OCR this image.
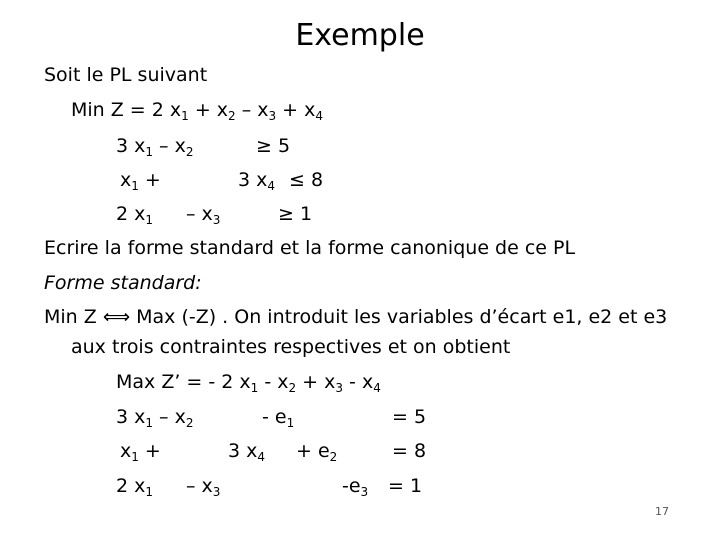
Exemple
Soit le PL suivant
Min Z = 2 $x_1 + x_2 - x_3 + x_4$
3 $x_1 - x_2$	≥ 5
$x_1$ +	3 $x_4 \le 8$
2 $x_1 - x_3$	≥ 1
Ecrire la forme standard et la forme canonique de ce PL
Forme standard:
Min Z ⟺ Max (-Z) . On introduit les variables d’écart e1, e2 et e3
aux trois contraintes respectives et on obtient
Max Z’ = - 2 $x_1 - x_2 + x_3 - x_4$
3 $x_1 - x_2$	- $e_1$	= 5
$x_1$ +	3 $x_4 + e_2$	= 8
2 $x_1 - x_3$	$-e_3 = 1$
17
